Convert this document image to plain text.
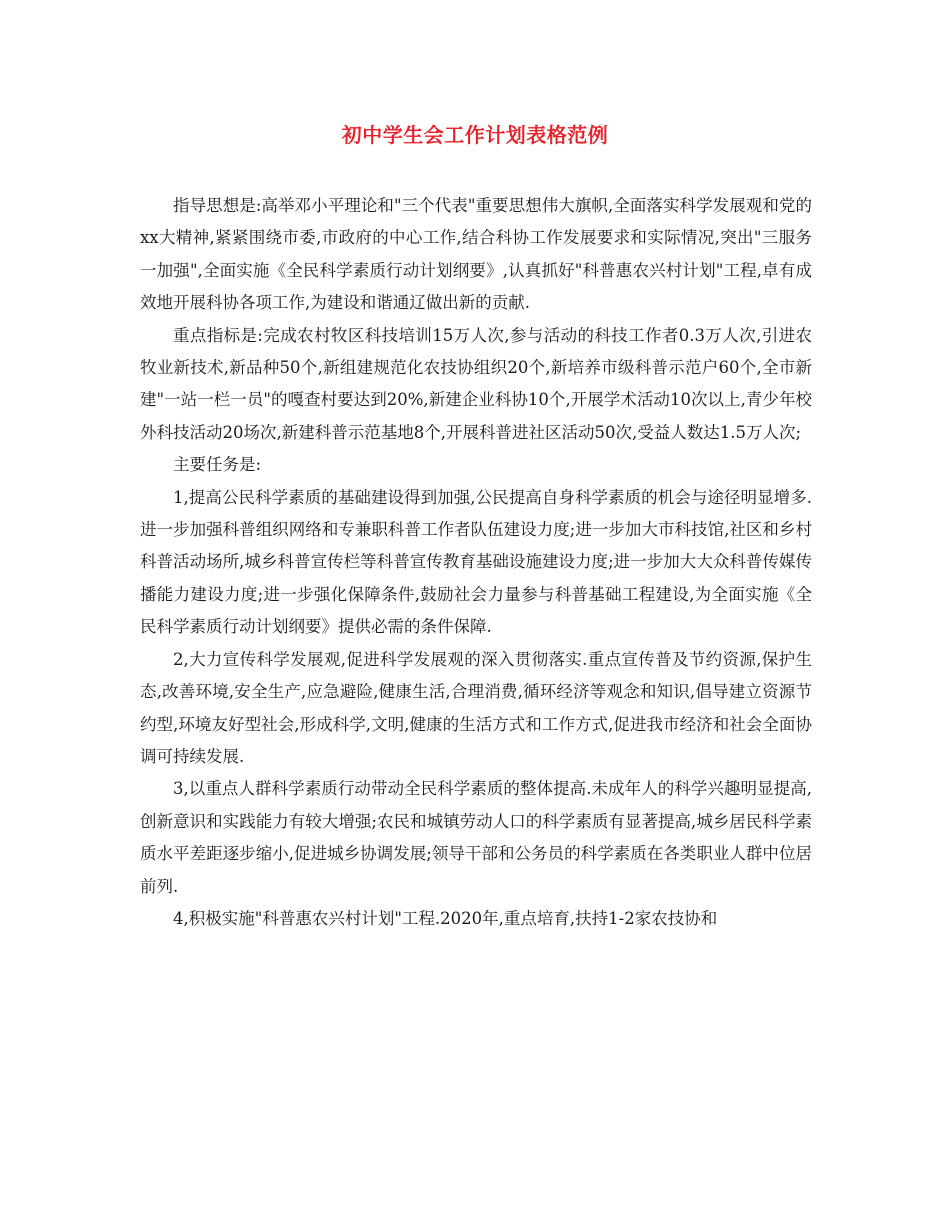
初中学生会工作计划表格范例

指导思想是:高举邓小平理论和"三个代表"重要思想伟大旗帜,全面落实科学发展观和党的xx大精神,紧紧围绕市委,市政府的中心工作,结合科协工作发展要求和实际情况,突出"三服务一加强",全面实施《全民科学素质行动计划纲要》,认真抓好"科普惠农兴村计划"工程,卓有成效地开展科协各项工作,为建设和谐通辽做出新的贡献.

重点指标是:完成农村牧区科技培训15万人次,参与活动的科技工作者0.3万人次,引进农牧业新技术,新品种50个,新组建规范化农技协组织20个,新培养市级科普示范户60个,全市新建"一站一栏一员"的嘎查村要达到20%,新建企业科协10个,开展学术活动10次以上,青少年校外科技活动20场次,新建科普示范基地8个,开展科普进社区活动50次,受益人数达1.5万人次;

主要任务是:

1,提高公民科学素质的基础建设得到加强,公民提高自身科学素质的机会与途径明显增多.进一步加强科普组织网络和专兼职科普工作者队伍建设力度;进一步加大市科技馆,社区和乡村科普活动场所,城乡科普宣传栏等科普宣传教育基础设施建设力度;进一步加大大众科普传媒传播能力建设力度;进一步强化保障条件,鼓励社会力量参与科普基础工程建设,为全面实施《全民科学素质行动计划纲要》提供必需的条件保障.

2,大力宣传科学发展观,促进科学发展观的深入贯彻落实.重点宣传普及节约资源,保护生态,改善环境,安全生产,应急避险,健康生活,合理消费,循环经济等观念和知识,倡导建立资源节约型,环境友好型社会,形成科学,文明,健康的生活方式和工作方式,促进我市经济和社会全面协调可持续发展.

3,以重点人群科学素质行动带动全民科学素质的整体提高.未成年人的科学兴趣明显提高,创新意识和实践能力有较大增强;农民和城镇劳动人口的科学素质有显著提高,城乡居民科学素质水平差距逐步缩小,促进城乡协调发展;领导干部和公务员的科学素质在各类职业人群中位居前列.

4,积极实施"科普惠农兴村计划"工程.2020年,重点培育,扶持1-2家农技协和
